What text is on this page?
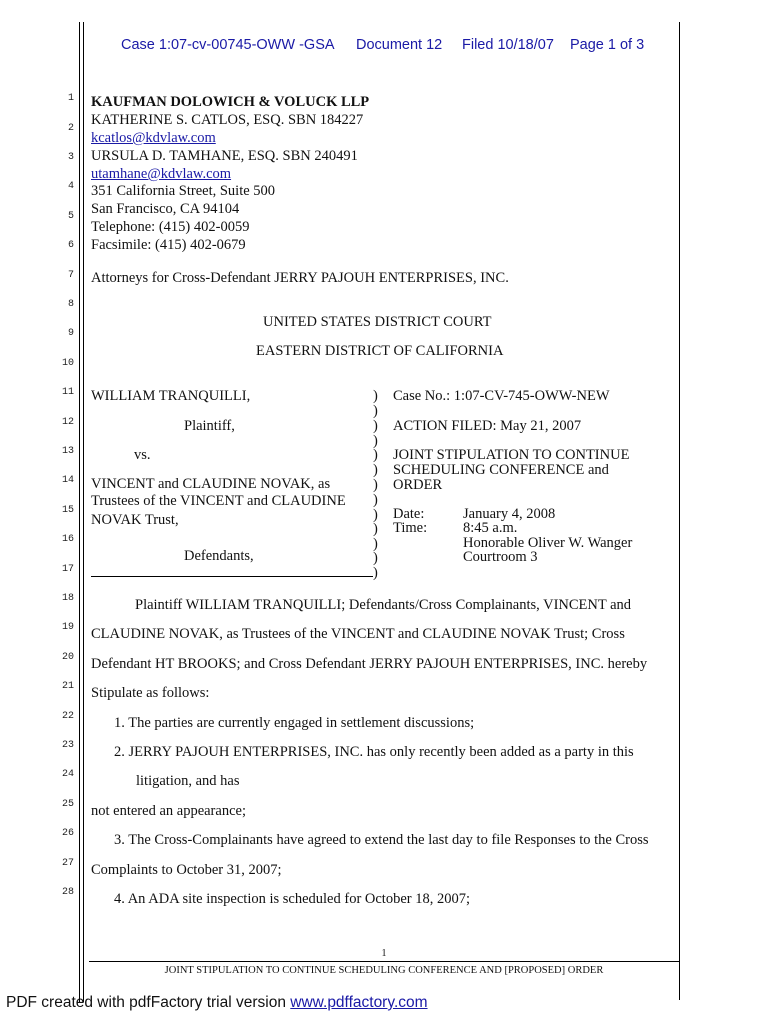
Case 1:07-cv-00745-OWW -GSA Document 12 Filed 10/18/07 Page 1 of 3
1
2
3
4
5
6
7
8
9
10
11
12
13
14
15
16
17
18
19
20
21
22
23
24
25
26
27
28
KAUFMAN DOLOWICH & VOLUCK LLP
KATHERINE S. CATLOS, ESQ. SBN 184227
kcatlos@kdvlaw.com
URSULA D. TAMHANE, ESQ. SBN 240491
utamhane@kdvlaw.com
351 California Street, Suite 500
San Francisco, CA 94104
Telephone: (415) 402-0059
Facsimile: (415) 402-0679
Attorneys for Cross-Defendant JERRY PAJOUH ENTERPRISES, INC.
UNITED STATES DISTRICT COURT
EASTERN DISTRICT OF CALIFORNIA
WILLIAM TRANQUILLI,
Plaintiff,
vs.
VINCENT and CLAUDINE NOVAK, as
Trustees of the VINCENT and CLAUDINE
NOVAK Trust,
Defendants,
)
)
)
)
)
)
)
)
)
)
)
)
)
Case No.: 1:07-CV-745-OWW-NEW
ACTION FILED: May 21, 2007
JOINT STIPULATION TO CONTINUE
SCHEDULING CONFERENCE and
ORDER
Date:	January 4, 2008
Time: 8:45 a.m.
Honorable Oliver W. Wanger
Courtroom 3
Plaintiff WILLIAM TRANQUILLI; Defendants/Cross Complainants, VINCENT and
CLAUDINE NOVAK, as Trustees of the VINCENT and CLAUDINE NOVAK Trust; Cross
Defendant HT BROOKS; and Cross Defendant JERRY PAJOUH ENTERPRISES, INC. hereby
Stipulate as follows:
1. The parties are currently engaged in settlement discussions;
2. JERRY PAJOUH ENTERPRISES, INC. has only recently been added as a party in this
litigation, and has
not entered an appearance;
3. The Cross-Complainants have agreed to extend the last day to file Responses to the Cross
Complaints to October 31, 2007;
4. An ADA site inspection is scheduled for October 18, 2007;
1
JOINT STIPULATION TO CONTINUE SCHEDULING CONFERENCE AND [PROPOSED] ORDER
PDF created with pdfFactory trial version www.pdffactory.com
